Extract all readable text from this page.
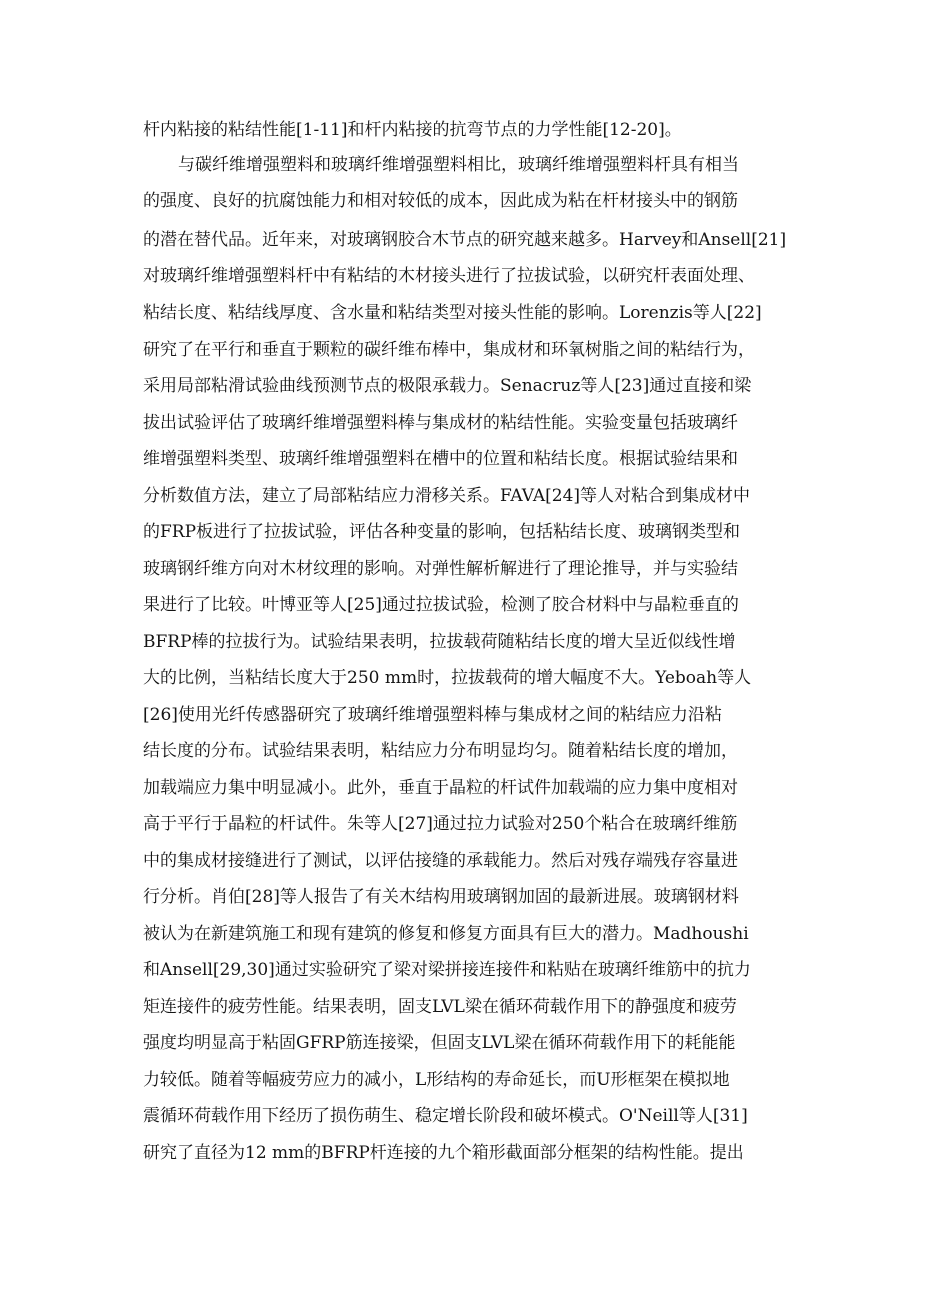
杆内粘接的粘结性能[1-11]和杆内粘接的抗弯节点的力学性能[12-20]。
与碳纤维增强塑料和玻璃纤维增强塑料相比，玻璃纤维增强塑料杆具有相当
的强度、良好的抗腐蚀能力和相对较低的成本，因此成为粘在杆材接头中的钢筋
的潜在替代品。近年来，对玻璃钢胶合木节点的研究越来越多。Harvey和Ansell[21]
对玻璃纤维增强塑料杆中有粘结的木材接头进行了拉拔试验，以研究杆表面处理、
粘结长度、粘结线厚度、含水量和粘结类型对接头性能的影响。Lorenzis等人[22]
研究了在平行和垂直于颗粒的碳纤维布棒中，集成材和环氧树脂之间的粘结行为，
采用局部粘滑试验曲线预测节点的极限承载力。Senacruz等人[23]通过直接和梁
拔出试验评估了玻璃纤维增强塑料棒与集成材的粘结性能。实验变量包括玻璃纤
维增强塑料类型、玻璃纤维增强塑料在槽中的位置和粘结长度。根据试验结果和
分析数值方法，建立了局部粘结应力滑移关系。FAVA[24]等人对粘合到集成材中
的FRP板进行了拉拔试验，评估各种变量的影响，包括粘结长度、玻璃钢类型和
玻璃钢纤维方向对木材纹理的影响。对弹性解析解进行了理论推导，并与实验结
果进行了比较。叶博亚等人[25]通过拉拔试验，检测了胶合材料中与晶粒垂直的
BFRP棒的拉拔行为。试验结果表明，拉拔载荷随粘结长度的增大呈近似线性增
大的比例，当粘结长度大于250 mm时，拉拔载荷的增大幅度不大。Yeboah等人
[26]使用光纤传感器研究了玻璃纤维增强塑料棒与集成材之间的粘结应力沿粘
结长度的分布。试验结果表明，粘结应力分布明显均匀。随着粘结长度的增加，
加载端应力集中明显减小。此外，垂直于晶粒的杆试件加载端的应力集中度相对
高于平行于晶粒的杆试件。朱等人[27]通过拉力试验对250个粘合在玻璃纤维筋
中的集成材接缝进行了测试，以评估接缝的承载能力。然后对残存端残存容量进
行分析。肖伯[28]等人报告了有关木结构用玻璃钢加固的最新进展。玻璃钢材料
被认为在新建筑施工和现有建筑的修复和修复方面具有巨大的潜力。Madhoushi
和Ansell[29,30]通过实验研究了梁对梁拼接连接件和粘贴在玻璃纤维筋中的抗力
矩连接件的疲劳性能。结果表明，固支LVL梁在循环荷载作用下的静强度和疲劳
强度均明显高于粘固GFRP筋连接梁，但固支LVL梁在循环荷载作用下的耗能能
力较低。随着等幅疲劳应力的减小，L形结构的寿命延长，而U形框架在模拟地
震循环荷载作用下经历了损伤萌生、稳定增长阶段和破坏模式。O'Neill等人[31]
研究了直径为12 mm的BFRP杆连接的九个箱形截面部分框架的结构性能。提出
